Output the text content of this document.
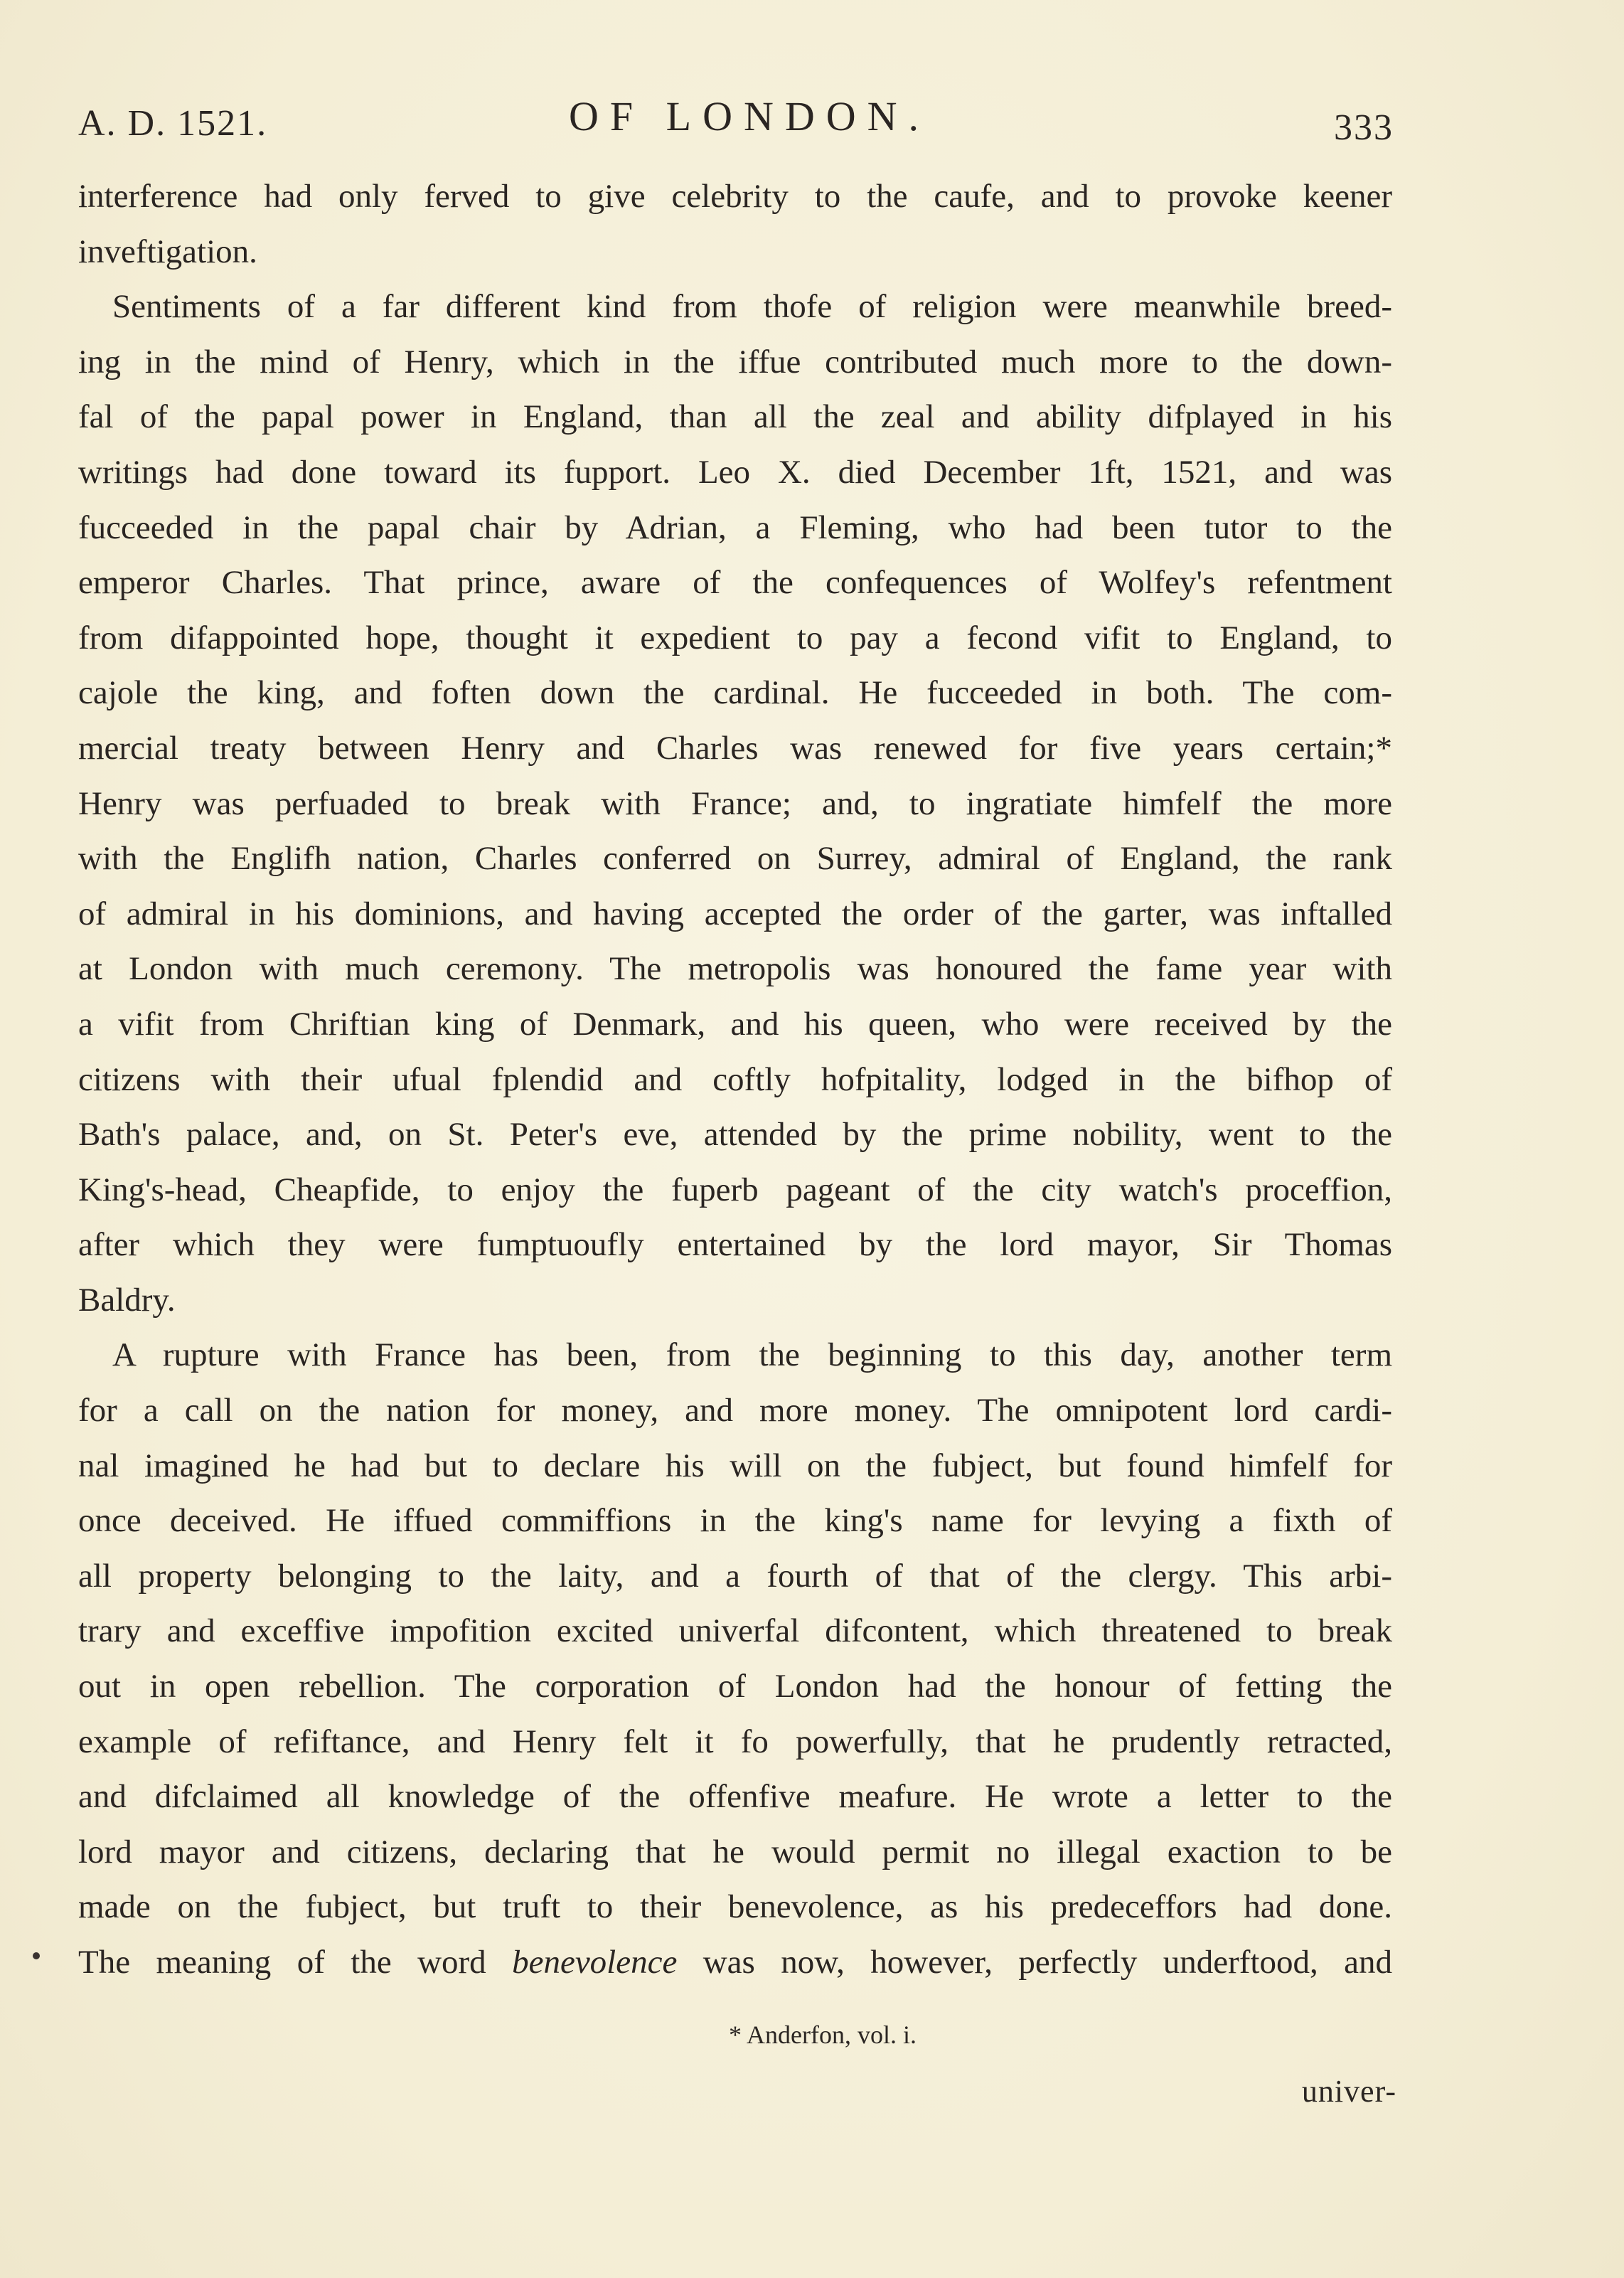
A. D. 1521.	OF LONDON.	333
interference had only ferved to give celebrity to the caufe, and to provoke keener
inveftigation.
Sentiments of a far different kind from thofe of religion were meanwhile breed-
ing in the mind of Henry, which in the iffue contributed much more to the down-
fal of the papal power in England, than all the zeal and ability difplayed in his
writings had done toward its fupport. Leo X. died December 1ft, 1521, and was
fucceeded in the papal chair by Adrian, a Fleming, who had been tutor to the
emperor Charles. That prince, aware of the confequences of Wolfey's refentment
from difappointed hope, thought it expedient to pay a fecond vifit to England, to
cajole the king, and foften down the cardinal. He fucceeded in both. The com-
mercial treaty between Henry and Charles was renewed for five years certain;*
Henry was perfuaded to break with France; and, to ingratiate himfelf the more
with the Englifh nation, Charles conferred on Surrey, admiral of England, the rank
of admiral in his dominions, and having accepted the order of the garter, was inftalled
at London with much ceremony. The metropolis was honoured the fame year with
a vifit from Chriftian king of Denmark, and his queen, who were received by the
citizens with their ufual fplendid and coftly hofpitality, lodged in the bifhop of
Bath's palace, and, on St. Peter's eve, attended by the prime nobility, went to the
King's-head, Cheapfide, to enjoy the fuperb pageant of the city watch's proceffion,
after which they were fumptuoufly entertained by the lord mayor, Sir Thomas
Baldry.
A rupture with France has been, from the beginning to this day, another term
for a call on the nation for money, and more money. The omnipotent lord cardi-
nal imagined he had but to declare his will on the fubject, but found himfelf for
once deceived. He iffued commiffions in the king's name for levying a fixth of
all property belonging to the laity, and a fourth of that of the clergy. This arbi-
trary and exceffive impofition excited univerfal difcontent, which threatened to break
out in open rebellion. The corporation of London had the honour of fetting the
example of refiftance, and Henry felt it fo powerfully, that he prudently retracted,
and difclaimed all knowledge of the offenfive meafure. He wrote a letter to the
lord mayor and citizens, declaring that he would permit no illegal exaction to be
made on the fubject, but truft to their benevolence, as his predeceffors had done.
The meaning of the word benevolence was now, however, perfectly underftood, and
* Anderfon, vol. i.
univer-
